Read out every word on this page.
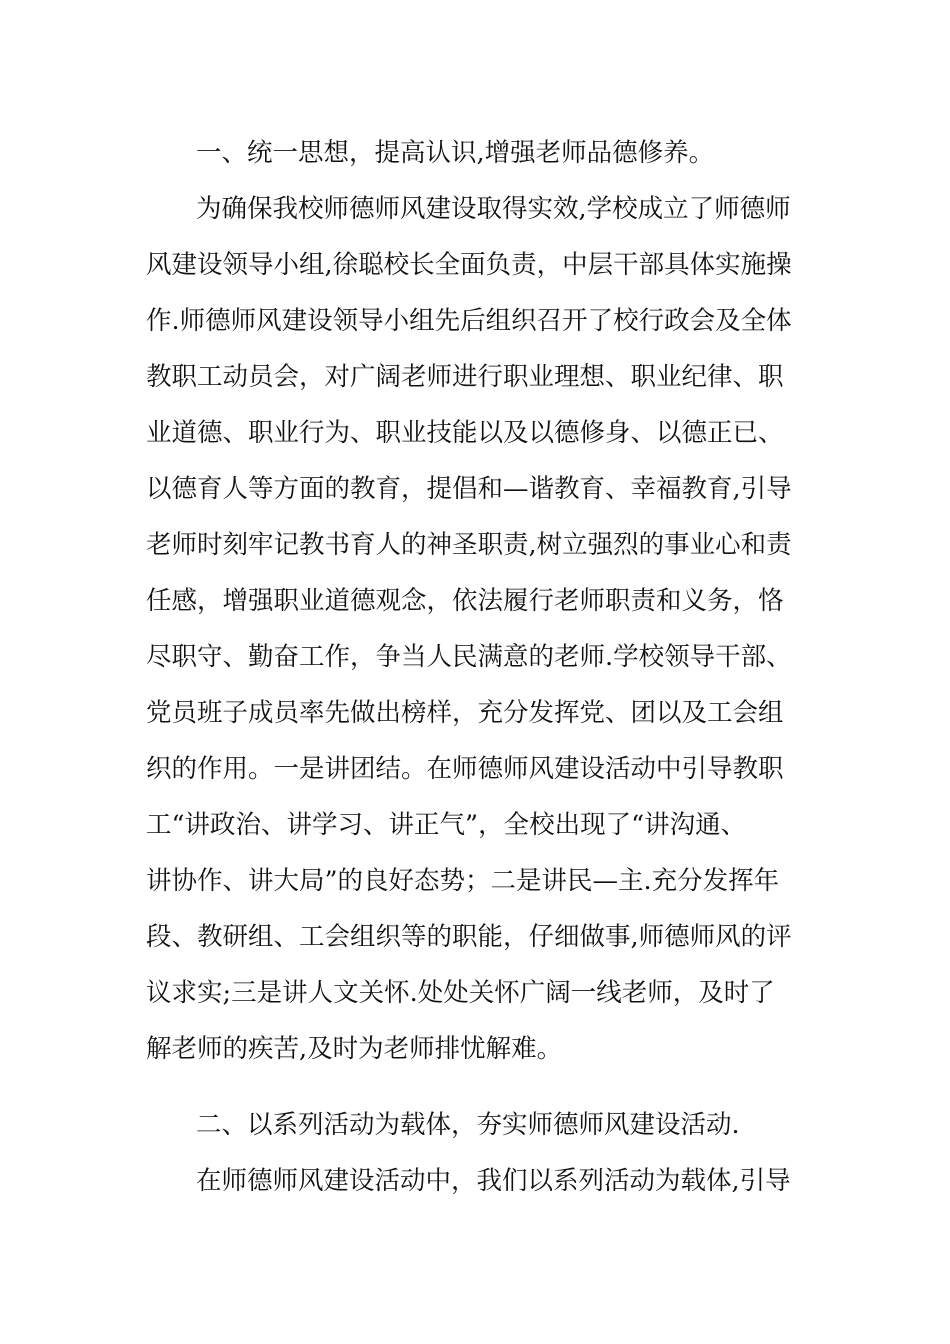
一、统一思想，提高认识,增强老师品德修养。

为确保我校师德师风建设取得实效,学校成立了师德师

风建设领导小组,徐聪校长全面负责，中层干部具体实施操

作.师德师风建设领导小组先后组织召开了校行政会及全体

教职工动员会，对广阔老师进行职业理想、职业纪律、职

业道德、职业行为、职业技能以及以德修身、以德正已、

以德育人等方面的教育，提倡和—谐教育、幸福教育,引导

老师时刻牢记教书育人的神圣职责,树立强烈的事业心和责

任感，增强职业道德观念，依法履行老师职责和义务，恪

尽职守、勤奋工作，争当人民满意的老师.学校领导干部、

党员班子成员率先做出榜样，充分发挥党、团以及工会组

织的作用。一是讲团结。在师德师风建设活动中引导教职

工“讲政治、讲学习、讲正气”，全校出现了“讲沟通、

讲协作、讲大局”的良好态势；二是讲民—主.充分发挥年

段、教研组、工会组织等的职能，仔细做事,师德师风的评

议求实;三是讲人文关怀.处处关怀广阔一线老师，及时了

解老师的疾苦,及时为老师排忧解难。

二、以系列活动为载体，夯实师德师风建设活动.

在师德师风建设活动中，我们以系列活动为载体,引导
